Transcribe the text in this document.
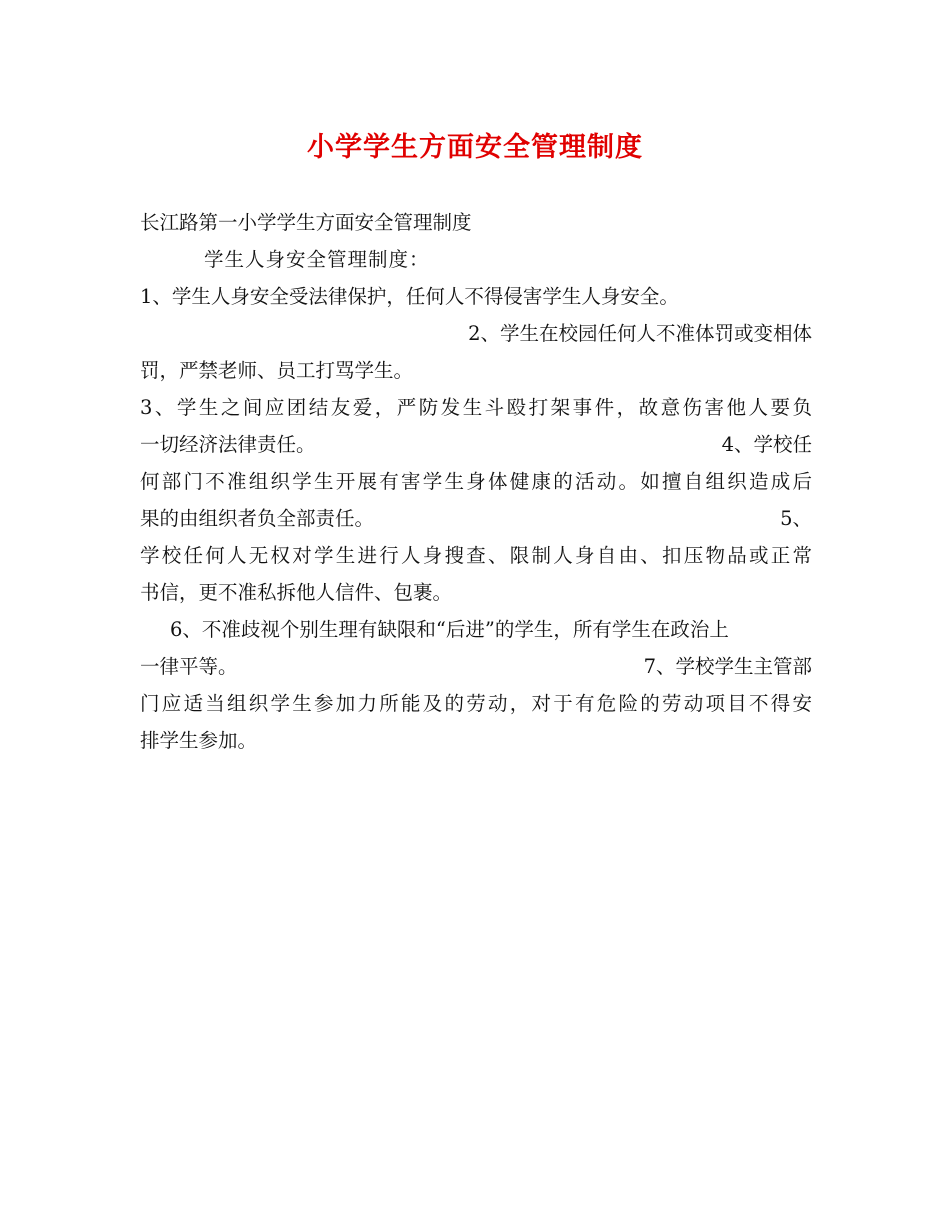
小学学生方面安全管理制度
长江路第一小学学生方面安全管理制度
学生人身安全管理制度：
1、学生人身安全受法律保护，任何人不得侵害学生人身安全。
2、学生在校园任何人不准体罚或变相体
罚，严禁老师、员工打骂学生。
3、学生之间应团结友爱，严防发生斗殴打架事件，故意伤害他人要负
一切经济法律责任。	4、学校任
何部门不准组织学生开展有害学生身体健康的活动。如擅自组织造成后
果的由组织者负全部责任。	5、
学校任何人无权对学生进行人身搜查、限制人身自由、扣压物品或正常
书信，更不准私拆他人信件、包裹。
6、不准歧视个别生理有缺限和“后进”的学生，所有学生在政治上
一律平等。	7、学校学生主管部
门应适当组织学生参加力所能及的劳动，对于有危险的劳动项目不得安
排学生参加。
